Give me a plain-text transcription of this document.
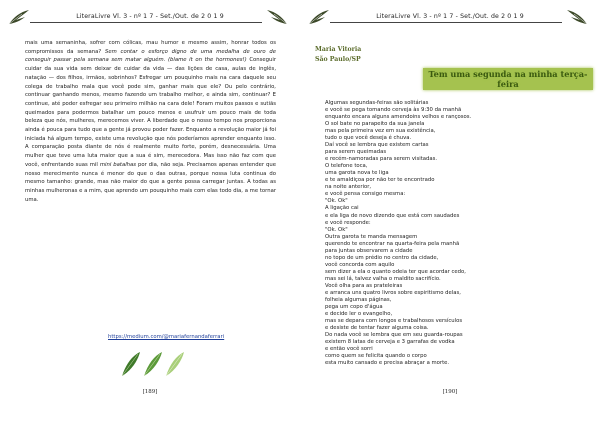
LiteraLivre Vl. 3 - nº 1 7 - Set./Out. de 2 0 1 9
mais uma semaninha, sofrer com cólicas, mau humor e mesmo assim, honrar todos os compromissos da semana? Sem contar o esforço digno de uma medalha de ouro de conseguir passar pela semana sem matar alguém. (blame it on the hormones!) Conseguir cuidar da sua vida sem deixar de cuidar da vida — das lições de casa, aulas de inglês, natação — dos filhos, irmãos, sobrinhos? Esfregar um pouquinho mais na cara daquele seu colega de trabalho mala que você pode sim, ganhar mais que ele? Ou pelo contrário, continuar ganhando menos, mesmo fazendo um trabalho melhor, e ainda sim, continuar? E continue, até poder esfregar seu primeiro milhão na cara dele! Foram muitos passos e sutiãs queimados para podermos batalhar um pouco menos e usufruir um pouco mais de toda beleza que nós, mulheres, merecemos viver. A liberdade que o nosso tempo nos proporciona ainda é pouca para tudo que a gente já provou poder fazer. Enquanto a revolução maior já foi iniciada há algum tempo, existe uma revolução que nós poderíamos aprender enquanto isso. A comparação posta diante de nós é realmente muito forte, porém, desnecessária. Uma mulher que teve uma luta maior que a sua é sim, merecedora. Mas isso não faz com que você, enfrentando suas mil mini batalhas por dia, não seja. Precisamos apenas entender que nosso merecimento nunca é menor do que o das outras, porque nossa luta continua do mesmo tamanho: grande, mas não maior do que a gente possa carregar juntas. A todas as minhas mulheronas e a mim, que aprendo um pouquinho mais com elas todo dia, a me tornar uma.
https://medium.com/@mariafernandaferrari
[189]
LiteraLivre Vl. 3 - nº 1 7 - Set./Out. de 2 0 1 9
Maria Vitoria
São Paulo/SP
Tem uma segunda na minha terça-feira
Algumas segundas-feiras são solitárias
e você se pega tomando cerveja às 9:30 da manhã
enquanto encara alguns amendoins velhos e rançosos.
O sol bate no parapeito da sua janela
mas pela primeira vez em sua existência,
tudo o que você deseja é chuva.
Daí você se lembra que existem cartas
para serem queimadas
e recém-namoradas para serem visitadas.
O telefone toca,
uma garota nova te liga
e te amaldiçoa por não ter te encontrado
na noite anterior,
e você pensa consigo mesma:
"Ok. Ok"
A ligação cai
e ela liga de novo dizendo que está com saudades
e você responde:
"Ok. Ok"
Outra garota te manda mensagem
querendo te encontrar na quarta-feira pela manhã
para juntas observarem a cidade
no topo de um prédio no centro da cidade,
você concorda com aquilo
sem dizer a ela o quanto odeia ter que acordar cedo,
mas sei lá, talvez valha o maldito sacrifício.
Você olha para as prateleiras
e arranca uns quatro livros sobre espiritismo delas,
folheia algumas páginas,
pega um copo d'água
e decide ler o evangelho,
mas se depara com longos e trabalhosos versículos
e desiste de tentar fazer alguma coisa.
Do nada você se lembra que em seu guarda-roupas
existem 8 latas de cerveja e 3 garrafas de vodka
e então você sorri
como quem se felicita quando o corpo
esta muito cansado e precisa abraçar a morte.
[190]
